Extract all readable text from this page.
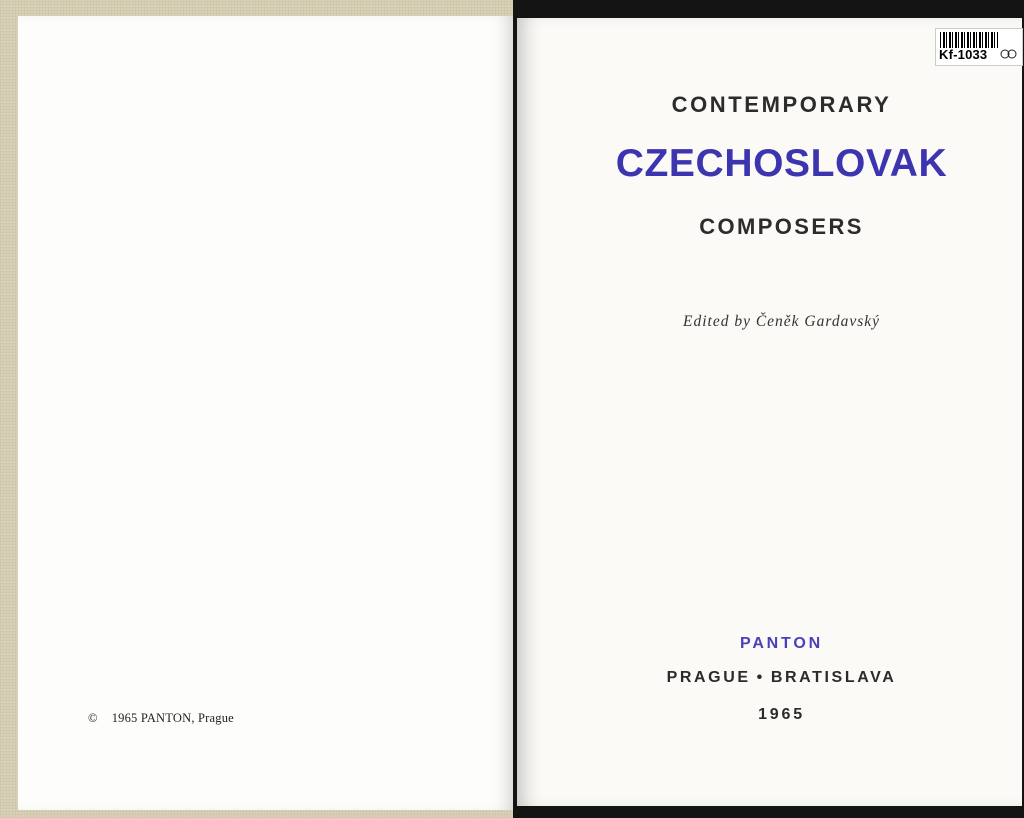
© 1965 PANTON, Prague
CONTEMPORARY
CZECHOSLOVAK
COMPOSERS
Edited by Čeněk Gardavský
PANTON
PRAGUE • BRATISLAVA
1965
Kf-1033
